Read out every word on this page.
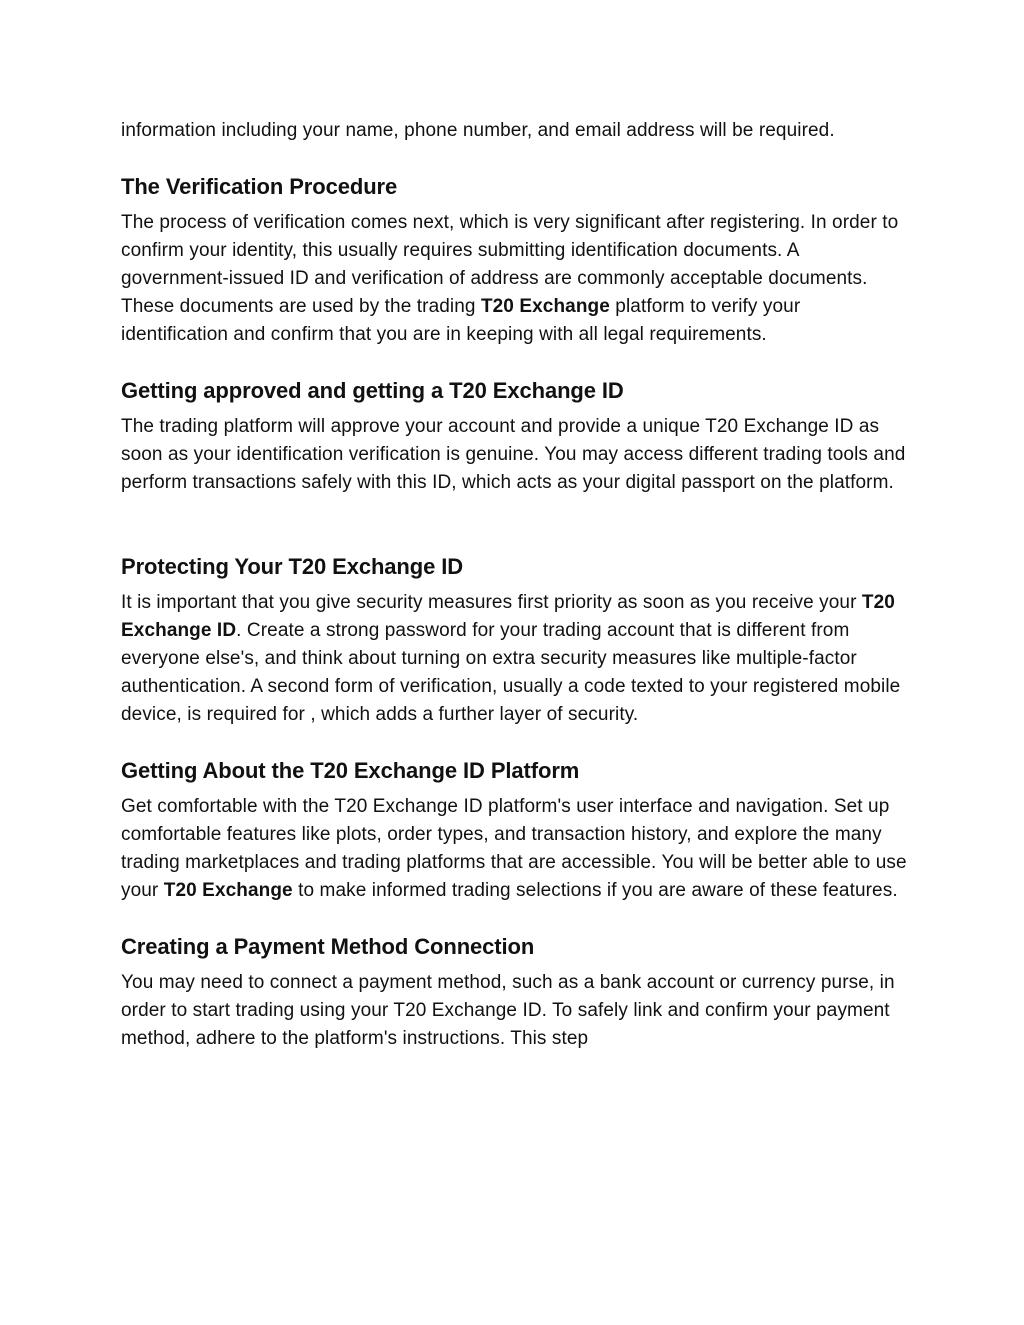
information including your name, phone number, and email address will be required.

The Verification Procedure

The process of verification comes next, which is very significant after registering. In order to confirm your identity, this usually requires submitting identification documents. A government-issued ID and verification of address are commonly acceptable documents. These documents are used by the trading T20 Exchange platform to verify your identification and confirm that you are in keeping with all legal requirements.

Getting approved and getting a T20 Exchange ID

The trading platform will approve your account and provide a unique T20 Exchange ID as soon as your identification verification is genuine. You may access different trading tools and perform transactions safely with this ID, which acts as your digital passport on the platform.

Protecting Your T20 Exchange ID

It is important that you give security measures first priority as soon as you receive your T20 Exchange ID. Create a strong password for your trading account that is different from everyone else's, and think about turning on extra security measures like multiple-factor authentication. A second form of verification, usually a code texted to your registered mobile device, is required for , which adds a further layer of security.

Getting About the T20 Exchange ID Platform

Get comfortable with the T20 Exchange ID platform's user interface and navigation. Set up comfortable features like plots, order types, and transaction history, and explore the many trading marketplaces and trading platforms that are accessible. You will be better able to use your T20 Exchange to make informed trading selections if you are aware of these features.

Creating a Payment Method Connection

You may need to connect a payment method, such as a bank account or currency purse, in order to start trading using your T20 Exchange ID. To safely link and confirm your payment method, adhere to the platform's instructions. This step
